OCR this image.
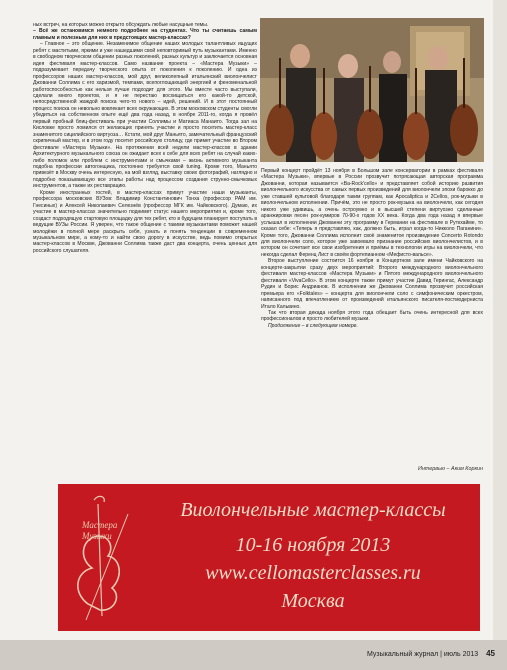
ных встреч, на которых можно открыто обсуждать любые насущные темы.

– Всё же остановимся немного подробнее на студентах. Что ты считаешь самым главным и полезным для них в предстоящих мастер-классах?

– Главное – это общение. Незаменимое общение наших молодых талантливых ищущих ребят с маститыми, яркими и уже нашедшими свой неповторимый путь музыкантами. Именно в свободном творческом общении разных поколений, разных культур и заключается основная идея фестиваля мастер-классов. Само название проекта – «Мастера Музыки» – подразумевает передачу творческого опыта от поколения к поколению. И одна из профессоров наших мастер-классов, мой друг, великолепный итальянский виолончелист Джованни Соллима с его харизмой, темпами, всепоглощающей энергией и феноменальной работоспособностью как нельзя лучше подходит для этого. Мы вместе часто выступали, сделали много проектов, и я не перестаю восхищаться его какой-то детской, непосредственной жаждой поиска чего-то нового – идей, решений. И в этот постоянный процесс поиска он невольно вовлекает всех окружающих. В этом московском студенты смогли убедиться на собственном опыте ещё два года назад, в ноябре 2011-го, когда я провёл первый пробный блиц-фестиваль при участии Соллимы и Матиаса Манаито. Тогда зал на Кисловке просто ломился от желающих принять участие и просто посетить мастер-класс знаменитого сицилийского виртуоза… Кстати, мой друг Маньято, замечательный французский скрипичный мастер, и в этом году посетит российскую столицу, где примет участие во Втором фестивале «Мастера Музыки». На протяжении всей недели мастер-классов в здании Архитектурного музыкального союза он ожидает всех к себе для всех ребят на случай каких-либо поломок или проблем с инструментами и смычками – жизнь активного музыканта подобна профессии автогонщика, постоянно требуется свой tuning. Кроме того, Маньято привезёт в Москву очень интересную, на мой взгляд, выставку своих фотографий, наглядно и подробно показывающую все этапы работы над процессом создания струнно-смычковых инструментов, а также их реставрацию.

Кроме иностранных гостей, в мастер-классах примут участие наши музыканты, профессора московских ВУЗов: Владимир Константинович Тонха (профессор РАМ им. Гнесиных) и Алексей Николаевич Селезнёв (профессор МГК им. Чайковского). Думаю, их участие в мастер-классах значительно поднимет статус нашего мероприятия и, кроме того, создаст подходящую стартовую площадку для тех ребят, кто в будущем планирует поступать в ведущие ВУЗы России. Я уверен, что такое общение с такими музыкантами поможет нашей молодёжи в полной мере раскрыть себя, узнать и понять тенденции в современном музыкальном мире, а кому-то и найти свою дорогу в искусстве, ведь помимо открытых мастер-классов в Москве, Джованни Соллима также даст два концерта, очень ценных для российского слушателя.

Первый концерт пройдёт 13 ноября в Большом зале консерватории в рамках фестиваля «Мастера Музыки», впервые в России прозвучит потрясающая авторская программа Джованни, которая называется «Ba-Rock'cello» и представляет собой историю развития виолончельного искусства от самых первых произведений для виолончели эпохи барокко до уже ставшей культовой благодаря таким группам, как Apocaliptica и 2Cellos, рок-музыки в виолончельном исполнении. Причём, это не просто рок-музыка на виолончели, как сегодня никого уже удивишь, а очень остроумно и в высшей степени виртуозно сделанные аранжировки песен рок-кумиров 70-90-х годов XX века. Когда два года назад я впервые услышал в исполнении Джованни эту программу в Германии на фестивале в Руткхайме, то сказал себе: «Теперь я представляю, как, должно быть, играл когда-то Никколо Паганини». Кроме того, Джованни Соллима исполнит своё знаменитое произведение Concerto Rotondo для виолончели соло, которое уже завоевало признание российских виолончелистов, и в котором он сочетает все свои изобретения и приёмы в технологии игры на виолончели, что некогда сделал Ференц Лист в своём фортепианном «Мефисто-вальсе».

Второе выступление состоится 16 ноября в Концертном зале имени Чайковского на концерте-закрытии сразу двух мероприятий: Второго международного виолончельного фестиваля мастер-классов «Мастера Музыки» и Пятого международного виолончельного фестиваля «VivaCello». В этом концерте также примут участие Давид Герингас, Александр Рудин и Борис Андрианов. В исполнении же Джованни Соллима прозвучит российская премьера его «Folktales» – концерта для виолончели соло с симфоническим оркестром, написанного под впечатлением от произведений итальянского писателя-постмодерниста Итало Кальвино.

Так что вторая декада ноября этого года обещает быть очень интересной для всех профессионалов и просто любителей музыки.

Продолжение – в следующем номере.

Интервью – Аким Коркин
Мастера Музыки
Виолончельные мастер-классы
10-16 ноября 2013
www.cellomasterclasses.ru
Москва
Музыкальный журнал | июль 2013 45
